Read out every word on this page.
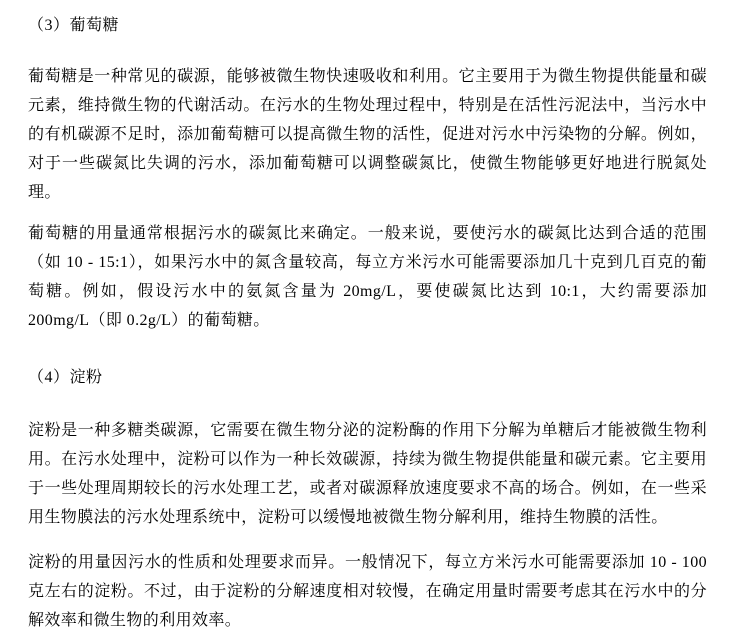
（3）葡萄糖

葡萄糖是一种常见的碳源，能够被微生物快速吸收和利用。它主要用于为微生物提供能量和碳元素，维持微生物的代谢活动。在污水的生物处理过程中，特别是在活性污泥法中，当污水中的有机碳源不足时，添加葡萄糖可以提高微生物的活性，促进对污水中污染物的分解。例如，对于一些碳氮比失调的污水，添加葡萄糖可以调整碳氮比，使微生物能够更好地进行脱氮处理。

葡萄糖的用量通常根据污水的碳氮比来确定。一般来说，要使污水的碳氮比达到合适的范围（如 10 - 15:1），如果污水中的氮含量较高，每立方米污水可能需要添加几十克到几百克的葡萄糖。例如，假设污水中的氨氮含量为 20mg/L，要使碳氮比达到 10:1，大约需要添加 200mg/L（即 0.2g/L）的葡萄糖。

（4）淀粉

淀粉是一种多糖类碳源，它需要在微生物分泌的淀粉酶的作用下分解为单糖后才能被微生物利用。在污水处理中，淀粉可以作为一种长效碳源，持续为微生物提供能量和碳元素。它主要用于一些处理周期较长的污水处理工艺，或者对碳源释放速度要求不高的场合。例如，在一些采用生物膜法的污水处理系统中，淀粉可以缓慢地被微生物分解利用，维持生物膜的活性。

淀粉的用量因污水的性质和处理要求而异。一般情况下，每立方米污水可能需要添加 10 - 100 克左右的淀粉。不过，由于淀粉的分解速度相对较慢，在确定用量时需要考虑其在污水中的分解效率和微生物的利用效率。
